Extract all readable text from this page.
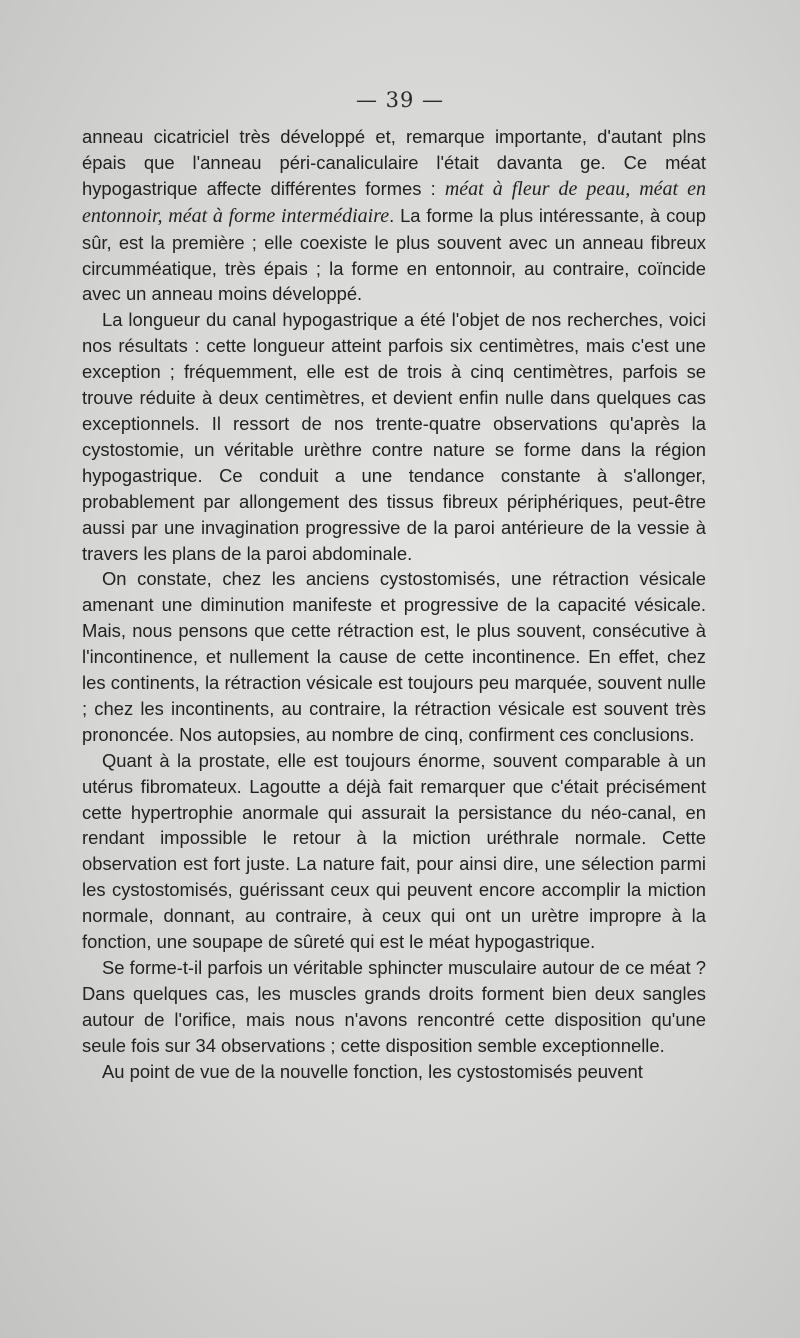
— 39 —

anneau cicatriciel très développé et, remarque importante, d'autant plns épais que l'anneau péri-canaliculaire l'était davanta ge. Ce méat hypogastrique affecte différentes formes : méat à fleur de peau, méat en entonnoir, méat à forme intermédiaire. La forme la plus intéressante, à coup sûr, est la première ; elle coexiste le plus souvent avec un anneau fibreux circumméatique, très épais ; la forme en entonnoir, au contraire, coïncide avec un anneau moins développé.

La longueur du canal hypogastrique a été l'objet de nos recherches, voici nos résultats : cette longueur atteint parfois six centimètres, mais c'est une exception ; fréquemment, elle est de trois à cinq centimètres, parfois se trouve réduite à deux centimètres, et devient enfin nulle dans quelques cas exceptionnels. Il ressort de nos trente-quatre observations qu'après la cystostomie, un véritable urèthre contre nature se forme dans la région hypogastrique. Ce conduit a une tendance constante à s'allonger, probablement par allongement des tissus fibreux périphériques, peut-être aussi par une invagination progressive de la paroi antérieure de la vessie à travers les plans de la paroi abdominale.

On constate, chez les anciens cystostomisés, une rétraction vésicale amenant une diminution manifeste et progressive de la capacité vésicale. Mais, nous pensons que cette rétraction est, le plus souvent, consécutive à l'incontinence, et nullement la cause de cette incontinence. En effet, chez les continents, la rétraction vésicale est toujours peu marquée, souvent nulle ; chez les incontinents, au contraire, la rétraction vésicale est souvent très prononcée. Nos autopsies, au nombre de cinq, confirment ces conclusions.

Quant à la prostate, elle est toujours énorme, souvent comparable à un utérus fibromateux. Lagoutte a déjà fait remarquer que c'était précisément cette hypertrophie anormale qui assurait la persistance du néo-canal, en rendant impossible le retour à la miction uréthrale normale. Cette observation est fort juste. La nature fait, pour ainsi dire, une sélection parmi les cystostomisés, guérissant ceux qui peuvent encore accomplir la miction normale, donnant, au contraire, à ceux qui ont un urètre impropre à la fonction, une soupape de sûreté qui est le méat hypogastrique.

Se forme-t-il parfois un véritable sphincter musculaire autour de ce méat ? Dans quelques cas, les muscles grands droits forment bien deux sangles autour de l'orifice, mais nous n'avons rencontré cette disposition qu'une seule fois sur 34 observations ; cette disposition semble exceptionnelle.

Au point de vue de la nouvelle fonction, les cystostomisés peuvent
